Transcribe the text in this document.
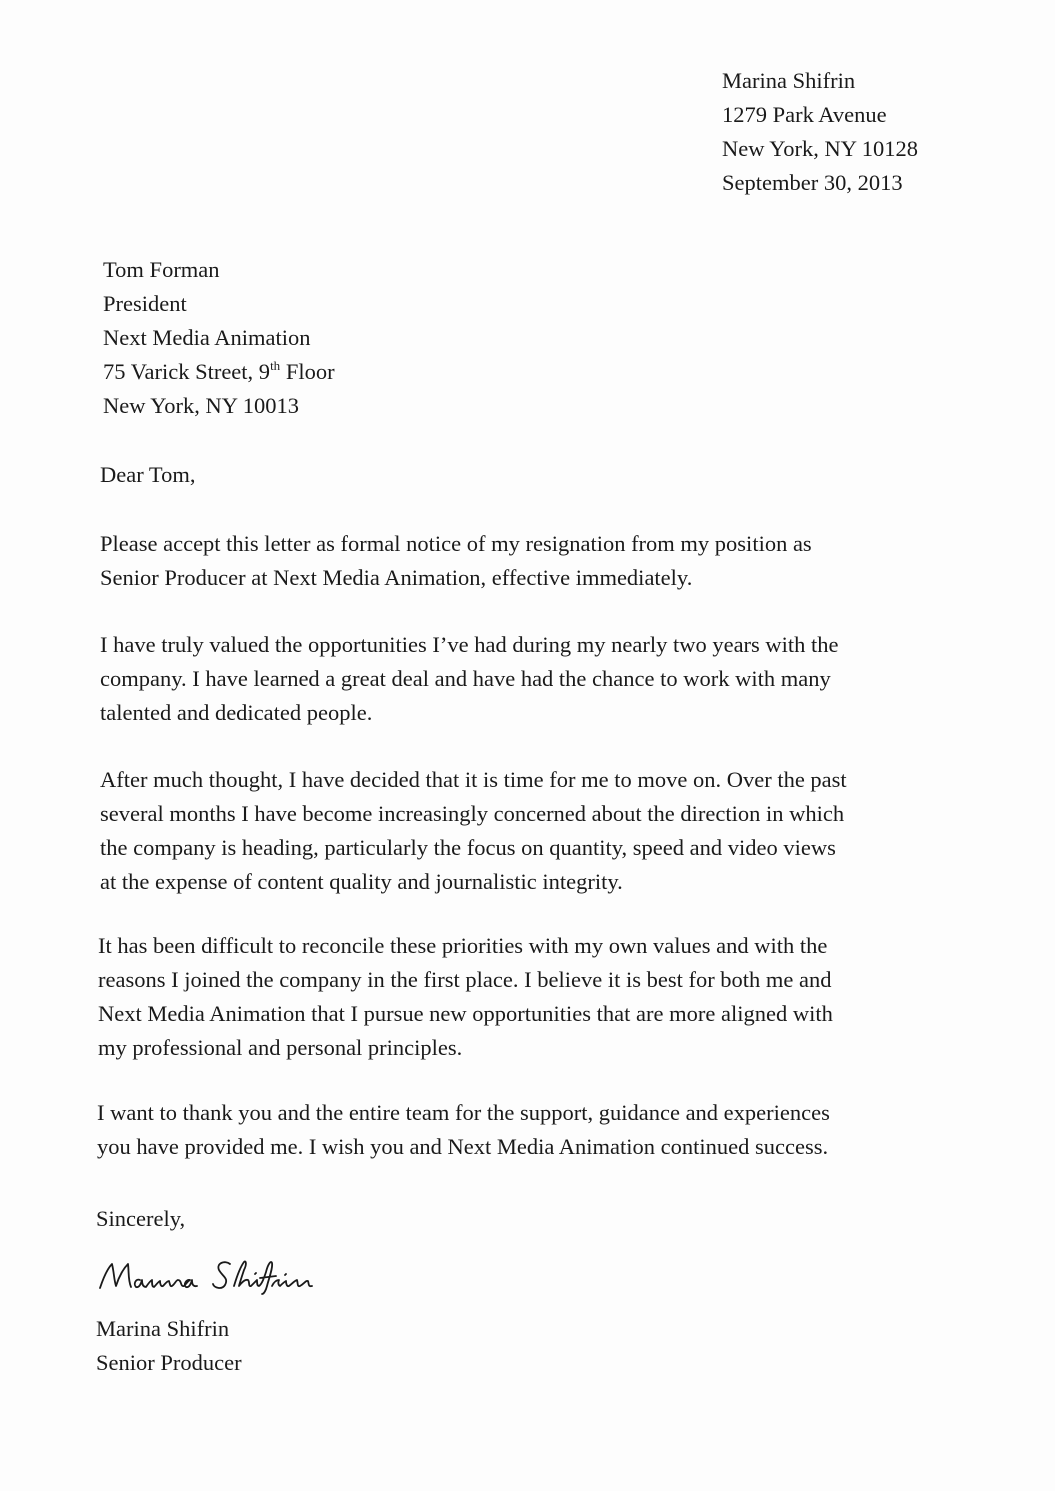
Marina Shifrin
1279 Park Avenue
New York, NY 10128
September 30, 2013
Tom Forman
President
Next Media Animation
75 Varick Street, 9th Floor
New York, NY 10013
Dear Tom,
Please accept this letter as formal notice of my resignation from my position as
Senior Producer at Next Media Animation, effective immediately.
I have truly valued the opportunities I’ve had during my nearly two years with the
company. I have learned a great deal and have had the chance to work with many
talented and dedicated people.
After much thought, I have decided that it is time for me to move on. Over the past
several months I have become increasingly concerned about the direction in which
the company is heading, particularly the focus on quantity, speed and video views
at the expense of content quality and journalistic integrity.
It has been difficult to reconcile these priorities with my own values and with the
reasons I joined the company in the first place. I believe it is best for both me and
Next Media Animation that I pursue new opportunities that are more aligned with
my professional and personal principles.
I want to thank you and the entire team for the support, guidance and experiences
you have provided me. I wish you and Next Media Animation continued success.
Sincerely,
Marina Shifrin
Senior Producer
